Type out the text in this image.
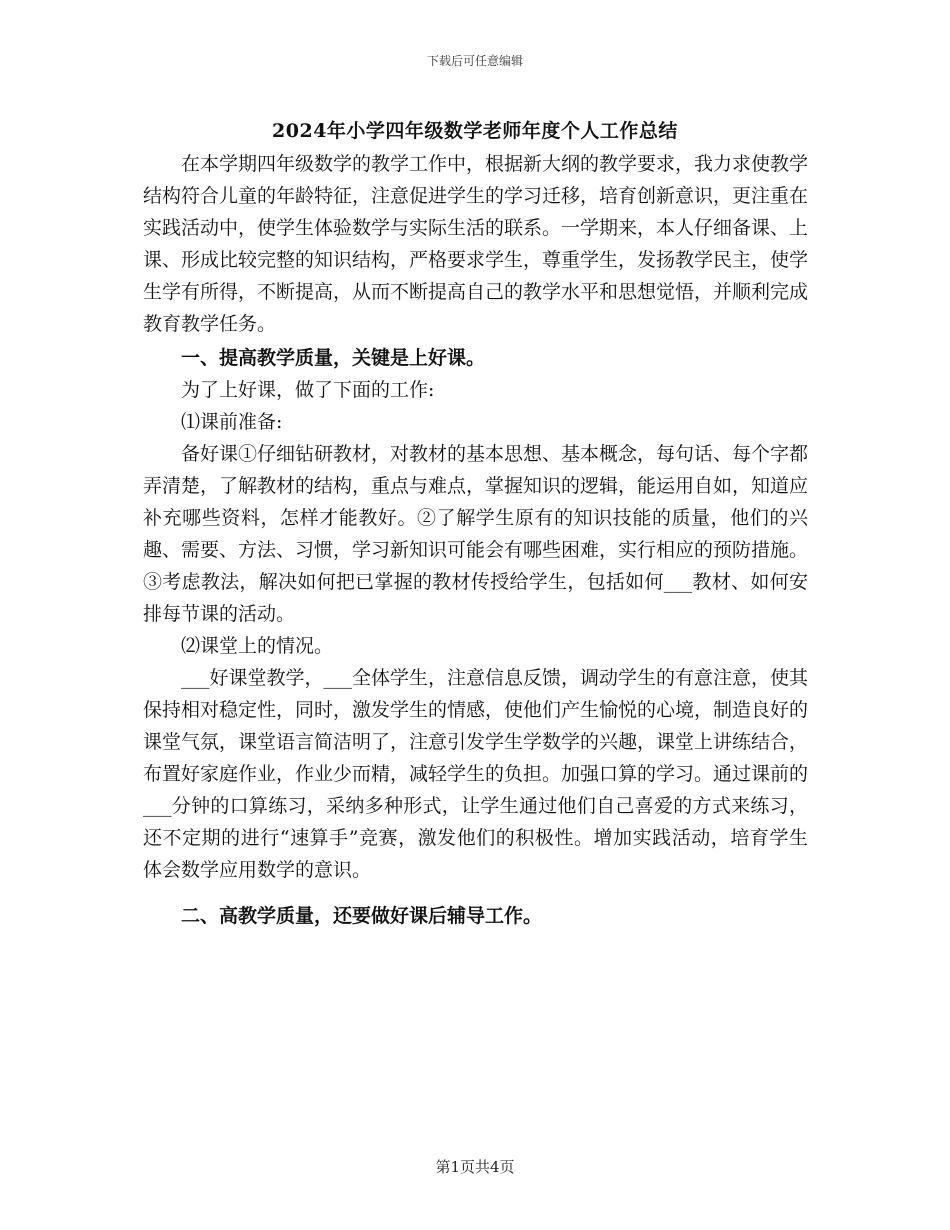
下载后可任意编辑
2024年小学四年级数学老师年度个人工作总结

在本学期四年级数学的教学工作中，根据新大纲的教学要求，我力求使教学结构符合儿童的年龄特征，注意促进学生的学习迁移，培育创新意识，更注重在实践活动中，使学生体验数学与实际生活的联系。一学期来，本人仔细备课、上课、形成比较完整的知识结构，严格要求学生，尊重学生，发扬教学民主，使学生学有所得，不断提高，从而不断提高自己的教学水平和思想觉悟，并顺利完成教育教学任务。

一、提高教学质量，关键是上好课。

为了上好课，做了下面的工作:

⑴课前准备:

备好课①仔细钻研教材，对教材的基本思想、基本概念，每句话、每个字都弄清楚，了解教材的结构，重点与难点，掌握知识的逻辑，能运用自如，知道应补充哪些资料，怎样才能教好。②了解学生原有的知识技能的质量，他们的兴趣、需要、方法、习惯，学习新知识可能会有哪些困难，实行相应的预防措施。③考虑教法，解决如何把已掌握的教材传授给学生，包括如何___教材、如何安排每节课的活动。

⑵课堂上的情况。

___好课堂教学，___全体学生，注意信息反馈，调动学生的有意注意，使其保持相对稳定性，同时，激发学生的情感，使他们产生愉悦的心境，制造良好的课堂气氛，课堂语言简洁明了，注意引发学生学数学的兴趣，课堂上讲练结合，布置好家庭作业，作业少而精，减轻学生的负担。加强口算的学习。通过课前的___分钟的口算练习，采纳多种形式，让学生通过他们自己喜爱的方式来练习，还不定期的进行“速算手”竞赛，激发他们的积极性。增加实践活动，培育学生体会数学应用数学的意识。

二、高教学质量，还要做好课后辅导工作。

第1页共4页
